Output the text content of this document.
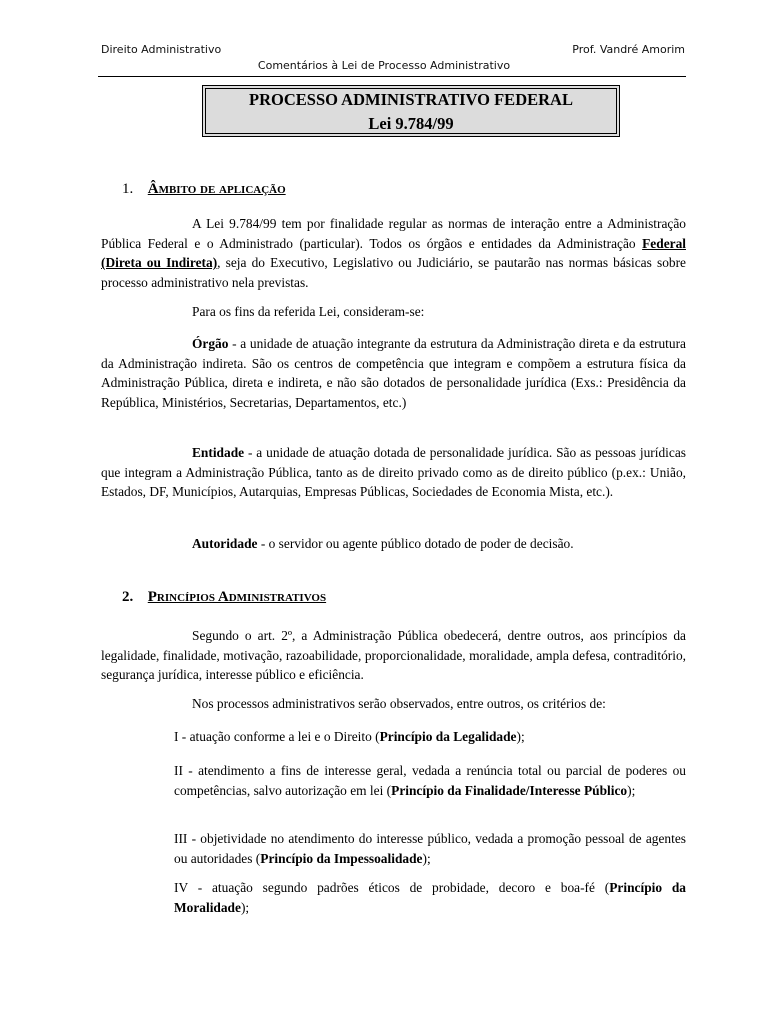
Direito Administrativo	Prof. Vandré Amorim
Comentários à Lei de Processo Administrativo
PROCESSO ADMINISTRATIVO FEDERAL
Lei 9.784/99
1. Âmbito de aplicação

A Lei 9.784/99 tem por finalidade regular as normas de interação entre a Administração Pública Federal e o Administrado (particular). Todos os órgãos e entidades da Administração Federal (Direta ou Indireta), seja do Executivo, Legislativo ou Judiciário, se pautarão nas normas básicas sobre processo administrativo nela previstas.

Para os fins da referida Lei, consideram-se:

Órgão - a unidade de atuação integrante da estrutura da Administração direta e da estrutura da Administração indireta. São os centros de competência que integram e compõem a estrutura física da Administração Pública, direta e indireta, e não são dotados de personalidade jurídica (Exs.: Presidência da República, Ministérios, Secretarias, Departamentos, etc.)

Entidade - a unidade de atuação dotada de personalidade jurídica. São as pessoas jurídicas que integram a Administração Pública, tanto as de direito privado como as de direito público (p.ex.: União, Estados, DF, Municípios, Autarquias, Empresas Públicas, Sociedades de Economia Mista, etc.).

Autoridade - o servidor ou agente público dotado de poder de decisão.

2. Princípios Administrativos

Segundo o art. 2º, a Administração Pública obedecerá, dentre outros, aos princípios da legalidade, finalidade, motivação, razoabilidade, proporcionalidade, moralidade, ampla defesa, contraditório, segurança jurídica, interesse público e eficiência.

Nos processos administrativos serão observados, entre outros, os critérios de:

I - atuação conforme a lei e o Direito (Princípio da Legalidade);

II - atendimento a fins de interesse geral, vedada a renúncia total ou parcial de poderes ou competências, salvo autorização em lei (Princípio da Finalidade/Interesse Público);

III - objetividade no atendimento do interesse público, vedada a promoção pessoal de agentes ou autoridades (Princípio da Impessoalidade);

IV - atuação segundo padrões éticos de probidade, decoro e boa-fé (Princípio da Moralidade);
